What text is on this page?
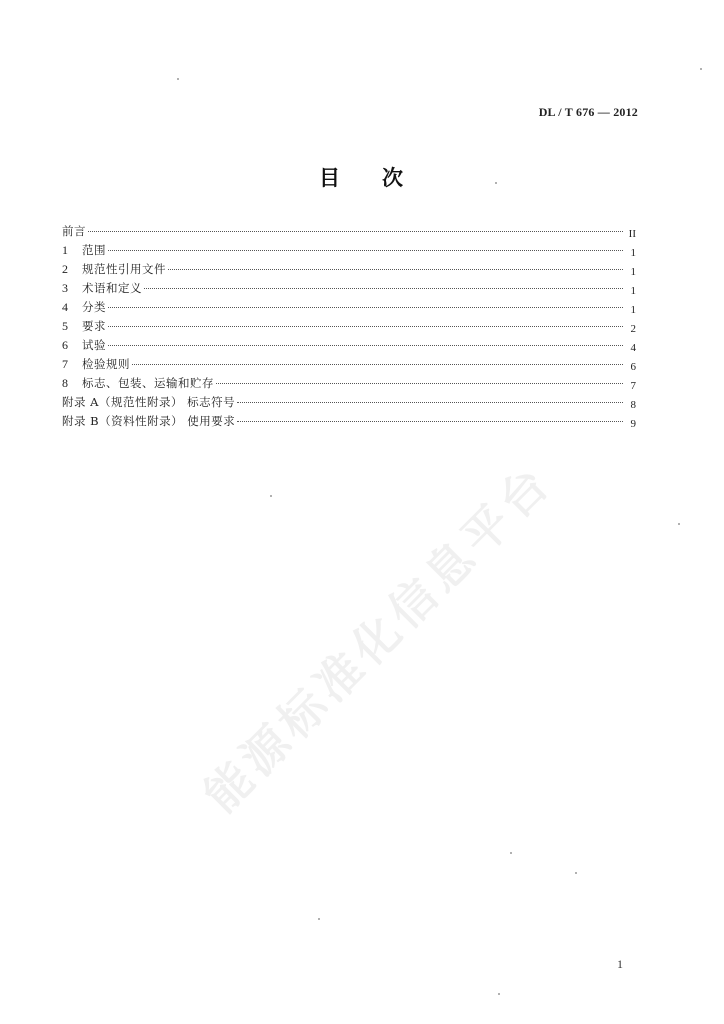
DL / T 676 — 2012
目 次
前言	II
1	范围	1
2	规范性引用文件	1
3	术语和定义	1
4	分类	1
5	要求	2
6	试验	4
7	检验规则	6
8	标志、包装、运输和贮存	7
附录 A（规范性附录） 标志符号	8
附录 B（资料性附录） 使用要求	9
能源标准化信息平台
1
